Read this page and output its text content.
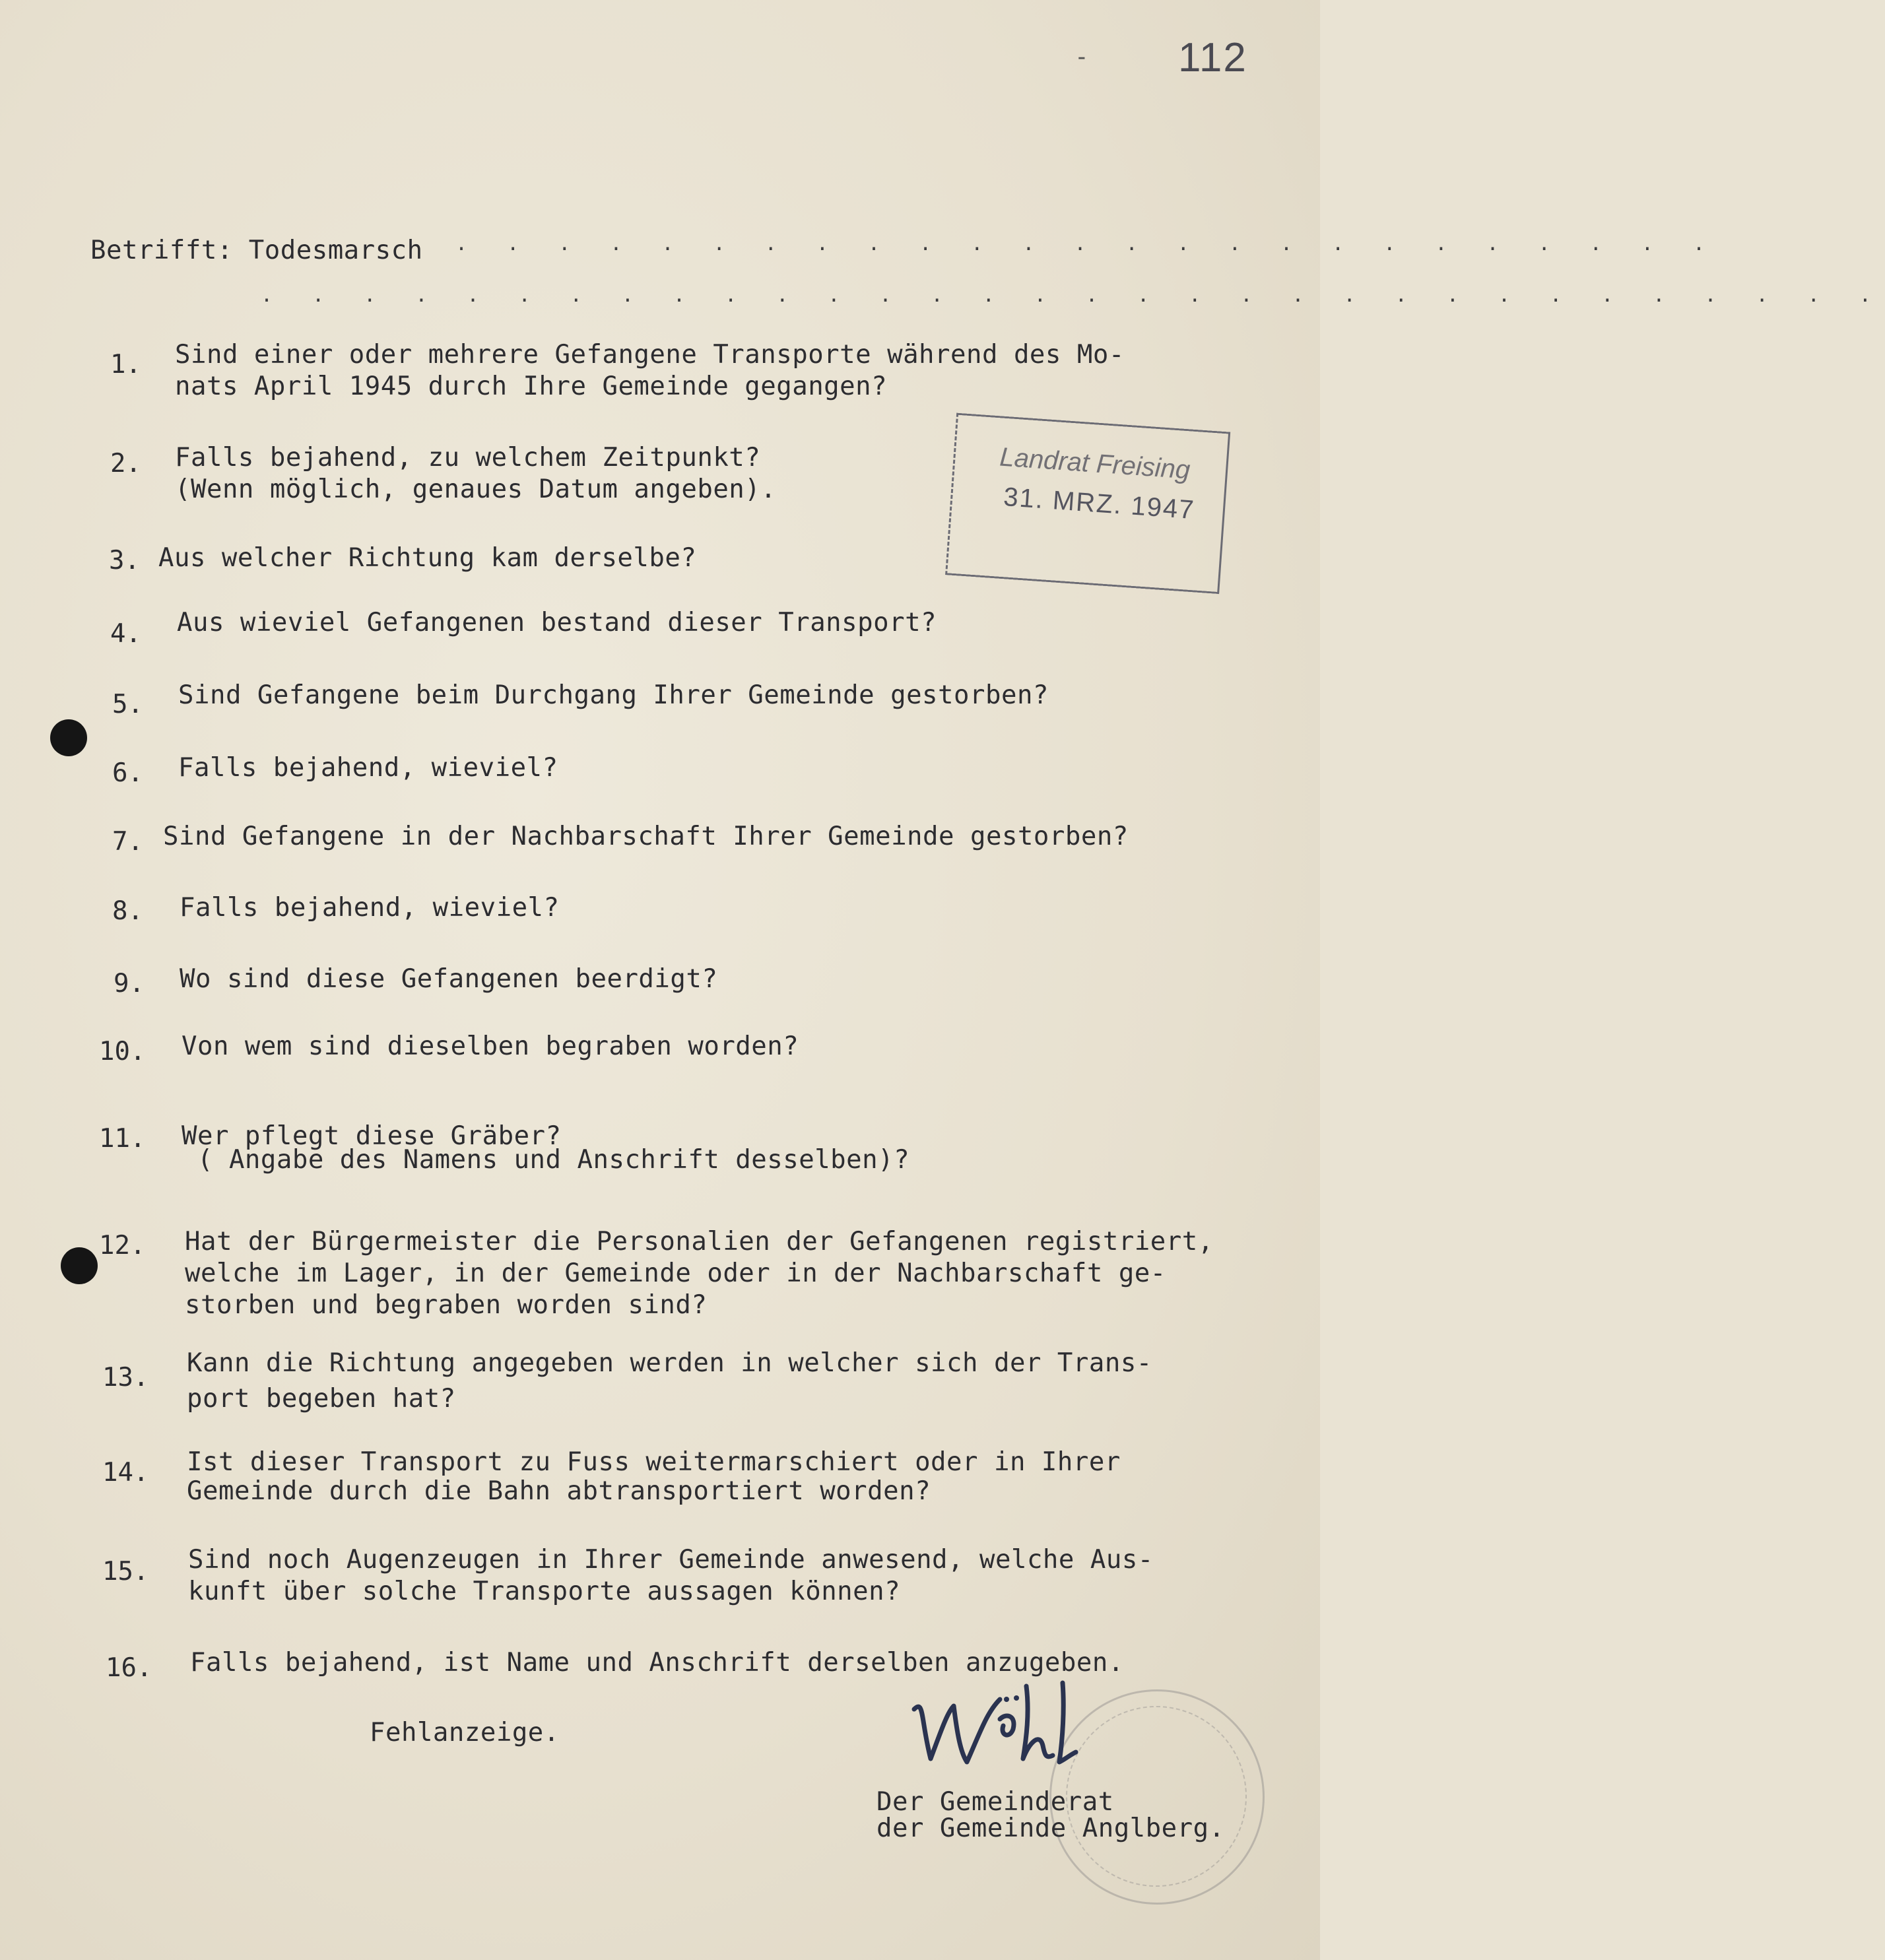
- 112
Betrifft: Todesmarsch . . . . . . . . . . . . . . . . . . . . . . . . .
. . . . . . . . . . . . . . . . . . . . . . . . . . . . . . . .
1. Sind einer oder mehrere Gefangene Transporte während des Mo-
nats April 1945 durch Ihre Gemeinde gegangen?
2. Falls bejahend, zu welchem Zeitpunkt?
(Wenn möglich, genaues Datum angeben).
3. Aus welcher Richtung kam derselbe?
4. Aus wieviel Gefangenen bestand dieser Transport?
5. Sind Gefangene beim Durchgang Ihrer Gemeinde gestorben?
6. Falls bejahend, wieviel?
7. Sind Gefangene in der Nachbarschaft Ihrer Gemeinde gestorben?
8. Falls bejahend, wieviel?
9. Wo sind diese Gefangenen beerdigt?
10. Von wem sind dieselben begraben worden?
11. Wer pflegt diese Gräber?
( Angabe des Namens und Anschrift desselben)?
12. Hat der Bürgermeister die Personalien der Gefangenen registriert,
welche im Lager, in der Gemeinde oder in der Nachbarschaft ge-
storben und begraben worden sind?
13. Kann die Richtung angegeben werden in welcher sich der Trans-
port begeben hat?
14. Ist dieser Transport zu Fuss weitermarschiert oder in Ihrer
Gemeinde durch die Bahn abtransportiert worden?
15. Sind noch Augenzeugen in Ihrer Gemeinde anwesend, welche Aus-
kunft über solche Transporte aussagen können?
16. Falls bejahend, ist Name und Anschrift derselben anzugeben.
Fehlanzeige.
Landrat Freising
31. MRZ. 1947
Der Gemeinderat
der Gemeinde Anglberg.
